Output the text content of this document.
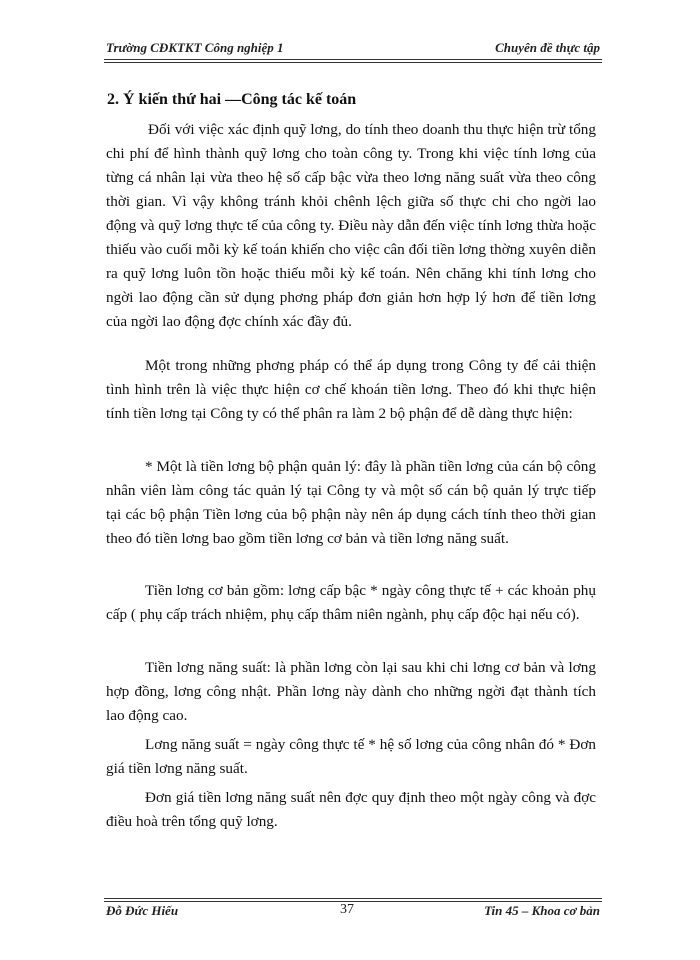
Trường CĐKTKT Công nghiệp 1	Chuyên đề thực tập
2. Ý kiến thứ hai —Công tác kế toán

Đối với việc xác định quỹ lơng, do tính theo doanh thu thực hiện trừ tổng chi phí để hình thành quỹ lơng cho toàn công ty. Trong khi việc tính lơng của từng cá nhân lại vừa theo hệ số cấp bậc vừa theo lơng năng suất vừa theo công thời gian. Vì vậy không tránh khỏi chênh lệch giữa số thực chi cho ngời lao động và quỹ lơng thực tế của công ty. Điều này dẫn đến việc tính lơng thừa hoặc thiếu vào cuối mỗi kỳ kế toán khiến cho việc cân đối tiền lơng thờng xuyên diễn ra quỹ lơng luôn tồn hoặc thiếu mỗi kỳ kế toán. Nên chăng khi tính lơng cho ngời lao động cần sử dụng phơng pháp đơn giản hơn hợp lý hơn để tiền lơng của ngời lao động đợc chính xác đầy đủ.

Một trong những phơng pháp có thể áp dụng trong Công ty để cải thiện tình hình trên là việc thực hiện cơ chế khoán tiền lơng. Theo đó khi thực hiện tính tiền lơng tại Công ty có thể phân ra làm 2 bộ phận để dễ dàng thực hiện:

* Một là tiền lơng bộ phận quản lý: đây là phần tiền lơng của cán bộ công nhân viên làm công tác quản lý tại Công ty và một số cán bộ quản lý trực tiếp tại các bộ phận Tiền lơng của bộ phận này nên áp dụng cách tính theo thời gian theo đó tiền lơng bao gồm tiền lơng cơ bản và tiền lơng năng suất.

Tiền lơng cơ bản gồm: lơng cấp bậc * ngày công thực tế + các khoản phụ cấp ( phụ cấp trách nhiệm, phụ cấp thâm niên ngành, phụ cấp độc hại nếu có).

Tiền lơng năng suất: là phần lơng còn lại sau khi chi lơng cơ bản và lơng hợp đồng, lơng công nhật. Phần lơng này dành cho những ngời đạt thành tích lao động cao.

Lơng năng suất = ngày công thực tế * hệ số lơng của công nhân đó * Đơn giá tiền lơng năng suất.

Đơn giá tiền lơng năng suất nên đợc quy định theo một ngày công và đợc điều hoà trên tổng quỹ lơng.

Đỗ Đức Hiếu	37	Tin 45 – Khoa cơ bản
